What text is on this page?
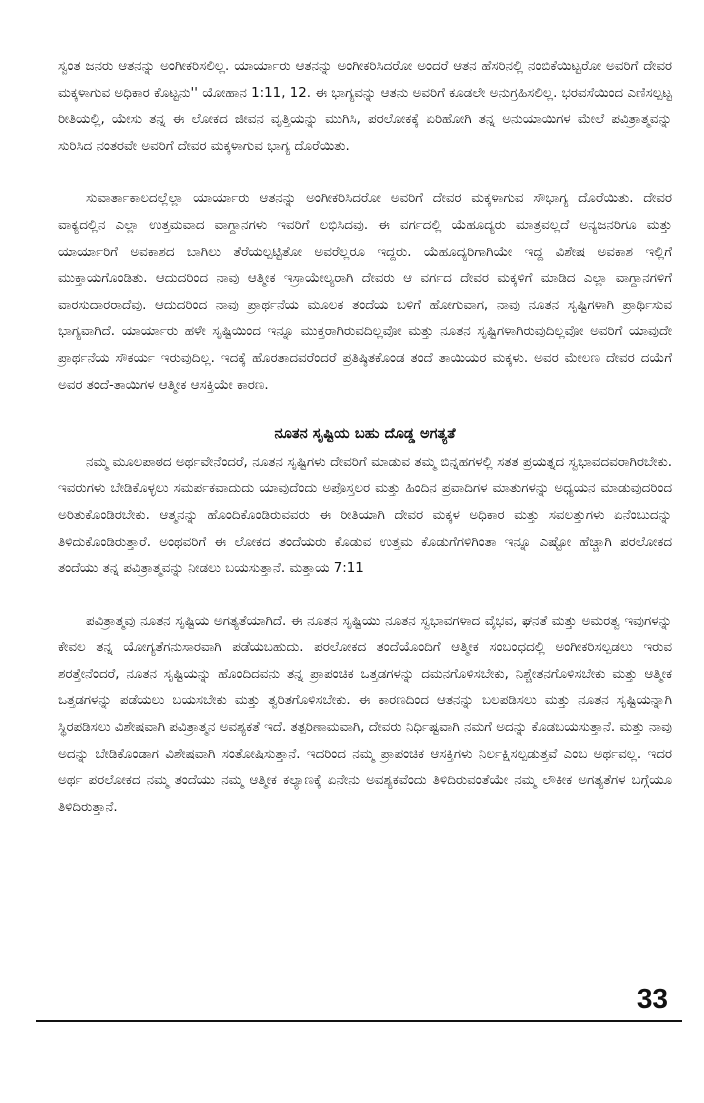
ಸ್ವಂತ ಜನರು ಆತನನ್ನು ಅಂಗೀಕರಿಸಲಿಲ್ಲ. ಯಾರ್ಯಾರು ಆತನನ್ನು ಅಂಗೀಕರಿಸಿದರೋ ಅಂದರೆ ಆತನ ಹೆಸರಿನಲ್ಲಿ ನಂಬಿಕೆಯಿಟ್ಟರೋ ಅವರಿಗೆ ದೇವರ ಮಕ್ಕಳಾಗುವ ಅಧಿಕಾರ ಕೊಟ್ಟನು'' ಯೋಹಾನ 1:11, 12. ಈ ಭಾಗ್ಯವನ್ನು ಆತನು ಅವರಿಗೆ ಕೂಡಲೇ ಅನುಗ್ರಹಿಸಲಿಲ್ಲ. ಭರವಸೆಯಿಂದ ಎಣಿಸಲ್ಪಟ್ಟ ರೀತಿಯಲ್ಲಿ, ಯೇಸು ತನ್ನ ಈ ಲೋಕದ ಜೀವನ ವೃತ್ತಿಯನ್ನು ಮುಗಿಸಿ, ಪರಲೋಕಕ್ಕೆ ಏರಿಹೋಗಿ ತನ್ನ ಅನುಯಾಯಿಗಳ ಮೇಲೆ ಪವಿತ್ರಾತ್ಮವನ್ನು ಸುರಿಸಿದ ನಂತರವೇ ಅವರಿಗೆ ದೇವರ ಮಕ್ಕಳಾಗುವ ಭಾಗ್ಯ ದೊರೆಯಿತು.

ಸುವಾರ್ತಾಕಾಲದಲ್ಲೆಲ್ಲಾ ಯಾರ್ಯಾರು ಆತನನ್ನು ಅಂಗೀಕರಿಸಿದರೋ ಅವರಿಗೆ ದೇವರ ಮಕ್ಕಳಾಗುವ ಸೌಭಾಗ್ಯ ದೊರೆಯಿತು. ದೇವರ ವಾಕ್ಯದಲ್ಲಿನ ಎಲ್ಲಾ ಉತ್ತಮವಾದ ವಾಗ್ದಾನಗಳು ಇವರಿಗೆ ಲಭಿಸಿದವು. ಈ ವರ್ಗದಲ್ಲಿ ಯೆಹೂದ್ಯರು ಮಾತ್ರವಲ್ಲದೆ ಅನ್ಯಜನರಿಗೂ ಮತ್ತು ಯಾರ್ಯಾರಿಗೆ ಅವಕಾಶದ ಬಾಗಿಲು ತೆರೆಯಲ್ಪಟ್ಟಿತೋ ಅವರೆಲ್ಲರೂ ಇದ್ದರು. ಯೆಹೂದ್ಯರಿಗಾಗಿಯೇ ಇದ್ದ ವಿಶೇಷ ಅವಕಾಶ ಇಲ್ಲಿಗೆ ಮುಕ್ತಾಯಗೊಂಡಿತು. ಆದುದರಿಂದ ನಾವು ಆತ್ಮೀಕ ಇಸ್ರಾಯೇಲ್ಯರಾಗಿ ದೇವರು ಆ ವರ್ಗದ ದೇವರ ಮಕ್ಕಳಿಗೆ ಮಾಡಿದ ಎಲ್ಲಾ ವಾಗ್ದಾನಗಳಿಗೆ ವಾರಸುದಾರರಾದೆವು. ಆದುದರಿಂದ ನಾವು ಪ್ರಾರ್ಥನೆಯ ಮೂಲಕ ತಂದೆಯ ಬಳಿಗೆ ಹೋಗುವಾಗ, ನಾವು ನೂತನ ಸೃಷ್ಟಿಗಳಾಗಿ ಪ್ರಾರ್ಥಿಸುವ ಭಾಗ್ಯವಾಗಿದೆ. ಯಾರ್ಯಾರು ಹಳೇ ಸೃಷ್ಟಿಯಿಂದ ಇನ್ನೂ ಮುಕ್ತರಾಗಿರುವದಿಲ್ಲವೋ ಮತ್ತು ನೂತನ ಸೃಷ್ಟಿಗಳಾಗಿರುವುದಿಲ್ಲವೋ ಅವರಿಗೆ ಯಾವುದೇ ಪ್ರಾರ್ಥನೆಯ ಸೌಕರ್ಯ ಇರುವುದಿಲ್ಲ. ಇದಕ್ಕೆ ಹೊರತಾದವರೆಂದರೆ ಪ್ರತಿಷ್ಠಿತಕೊಂಡ ತಂದೆ ತಾಯಿಯರ ಮಕ್ಕಳು. ಅವರ ಮೇಲಣ ದೇವರ ದಯೆಗೆ ಅವರ ತಂದೆ-ತಾಯಿಗಳ ಆತ್ಮೀಕ ಆಸಕ್ತಿಯೇ ಕಾರಣ.

ನೂತನ ಸೃಷ್ಟಿಯ ಬಹು ದೊಡ್ಡ ಅಗತ್ಯತೆ

ನಮ್ಮ ಮೂಲಪಾಠದ ಅರ್ಥವೇನೆಂದರೆ, ನೂತನ ಸೃಷ್ಟಿಗಳು ದೇವರಿಗೆ ಮಾಡುವ ತಮ್ಮ ಬಿನ್ನಹಗಳಲ್ಲಿ ಸತತ ಪ್ರಯತ್ನದ ಸ್ವಭಾವದವರಾಗಿರಬೇಕು. ಇವರುಗಳು ಬೇಡಿಕೊಳ್ಳಲು ಸಮರ್ಪಕವಾದುದು ಯಾವುದೆಂದು ಅಪೊಸ್ತಲರ ಮತ್ತು ಹಿಂದಿನ ಪ್ರವಾದಿಗಳ ಮಾತುಗಳನ್ನು ಅಧ್ಯಯನ ಮಾಡುವುದರಿಂದ ಅರಿತುಕೊಂಡಿರಬೇಕು. ಆತ್ಮನನ್ನು ಹೊಂದಿಕೊಂಡಿರುವವರು ಈ ರೀತಿಯಾಗಿ ದೇವರ ಮಕ್ಕಳ ಅಧಿಕಾರ ಮತ್ತು ಸವಲತ್ತುಗಳು ಏನೆಂಬುದನ್ನು ತಿಳಿದುಕೊಂಡಿರುತ್ತಾರೆ. ಅಂಥವರಿಗೆ ಈ ಲೋಕದ ತಂದೆಯರು ಕೊಡುವ ಉತ್ತಮ ಕೊಡುಗೆಗಳಿಗಿಂತಾ ಇನ್ನೂ ಎಷ್ಟೋ ಹೆಚ್ಚಾಗಿ ಪರಲೋಕದ ತಂದೆಯು ತನ್ನ ಪವಿತ್ರಾತ್ಮವನ್ನು ನೀಡಲು ಬಯಸುತ್ತಾನೆ. ಮತ್ತಾಯ 7:11

ಪವಿತ್ರಾತ್ಮವು ನೂತನ ಸೃಷ್ಟಿಯ ಅಗತ್ಯತೆಯಾಗಿದೆ. ಈ ನೂತನ ಸೃಷ್ಟಿಯು ನೂತನ ಸ್ವಭಾವಗಳಾದ ವೈಭವ, ಘನತೆ ಮತ್ತು ಅಮರತ್ವ ಇವುಗಳನ್ನು ಕೇವಲ ತನ್ನ ಯೋಗ್ಯತೆಗನುಸಾರವಾಗಿ ಪಡೆಯಬಹುದು. ಪರಲೋಕದ ತಂದೆಯೊಂದಿಗೆ ಆತ್ಮೀಕ ಸಂಬಂಧದಲ್ಲಿ ಅಂಗೀಕರಿಸಲ್ಪಡಲು ಇರುವ ಶರತ್ತೇನೆಂದರೆ, ನೂತನ ಸೃಷ್ಟಿಯನ್ನು ಹೊಂದಿದವನು ತನ್ನ ಪ್ರಾಪಂಚಿಕ ಒತ್ತಡಗಳನ್ನು ದಮನಗೊಳಿಸಬೇಕು, ನಿಶ್ಚೇತನಗೊಳಿಸಬೇಕು ಮತ್ತು ಆತ್ಮೀಕ ಒತ್ತಡಗಳನ್ನು ಪಡೆಯಲು ಬಯಸಬೇಕು ಮತ್ತು ತ್ವರಿತಗೊಳಿಸಬೇಕು. ಈ ಕಾರಣದಿಂದ ಆತನನ್ನು ಬಲಪಡಿಸಲು ಮತ್ತು ನೂತನ ಸೃಷ್ಟಿಯನ್ನಾಗಿ ಸ್ಥಿರಪಡಿಸಲು ವಿಶೇಷವಾಗಿ ಪವಿತ್ರಾತ್ಮನ ಅವಶ್ಯಕತೆ ಇದೆ. ತತ್ಪರಿಣಾಮವಾಗಿ, ದೇವರು ನಿರ್ಧಿಷ್ಟವಾಗಿ ನಮಗೆ ಅದನ್ನು ಕೊಡಬಯಸುತ್ತಾನೆ. ಮತ್ತು ನಾವು ಅದನ್ನು ಬೇಡಿಕೊಂಡಾಗ ವಿಶೇಷವಾಗಿ ಸಂತೋಷಿಸುತ್ತಾನೆ. ಇದರಿಂದ ನಮ್ಮ ಪ್ರಾಪಂಚಿಕ ಆಸಕ್ತಿಗಳು ನಿರ್ಲಕ್ಷಿಸಲ್ಪಡುತ್ತವೆ ಎಂಬ ಅರ್ಥವಲ್ಲ. ಇದರ ಅರ್ಥ ಪರಲೋಕದ ನಮ್ಮ ತಂದೆಯು ನಮ್ಮ ಆತ್ಮೀಕ ಕಲ್ಯಾಣಕ್ಕೆ ಏನೇನು ಅವಶ್ಯಕವೆಂದು ತಿಳಿದಿರುವಂತೆಯೇ ನಮ್ಮ ಲೌಕೀಕ ಅಗತ್ಯತೆಗಳ ಬಗ್ಗೆಯೂ ತಿಳಿದಿರುತ್ತಾನೆ.

33
